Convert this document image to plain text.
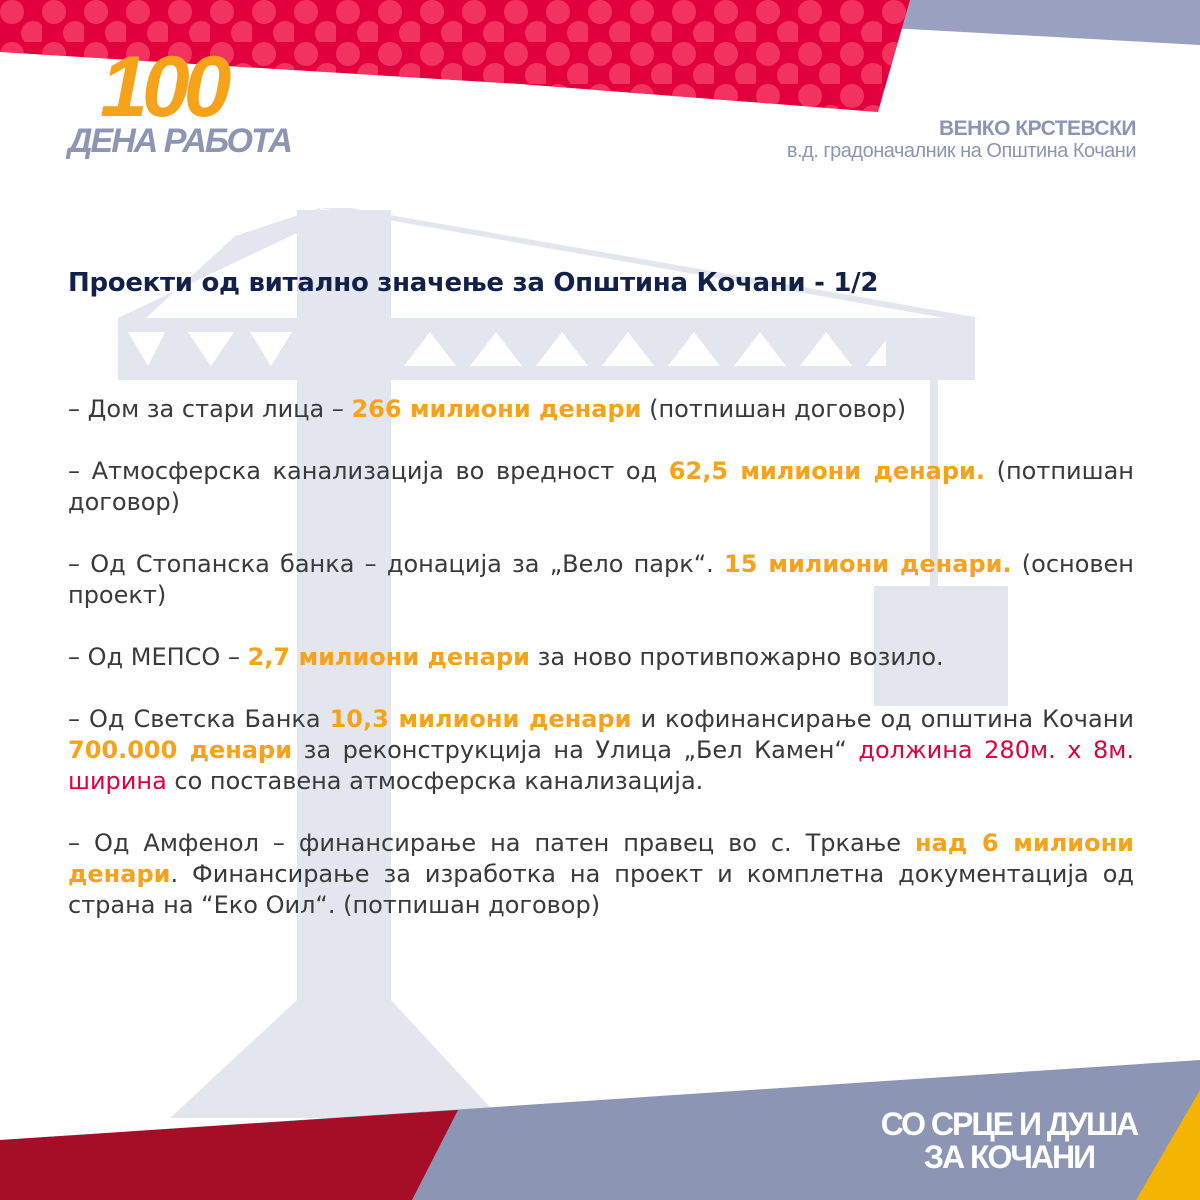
100
ДЕНА РАБОТА	ВЕНКО КРСТЕВСКИ
в.д. градоначалник на Општина Кочани
Проекти од витално значење за Општина Кочани - 1/2

– Дом за стари лица – 266 милиони денари (потпишан договор)

– Атмосферска канализација во вредност од 62,5 милиони денари. (потпишан договор)

– Од Стопанска банка – донација за „Вело парк“. 15 милиони денари. (основен проект)

– Од МЕПСО – 2,7 милиони денари за ново противпожарно возило.

– Од Светска Банка 10,3 милиони денари и кофинансирање од општина Кочани 700.000 денари за реконструкција на Улица „Бел Камен“ должина 280м. х 8м. ширина со поставена атмосферска канализација.

– Од Амфенол – финансирање на патен правец во с. Тркање над 6 милиони денари. Финансирање за изработка на проект и комплетна документација од страна на “Еко Оил“. (потпишан договор)

СО СРЦЕ И ДУША
ЗА КОЧАНИ
